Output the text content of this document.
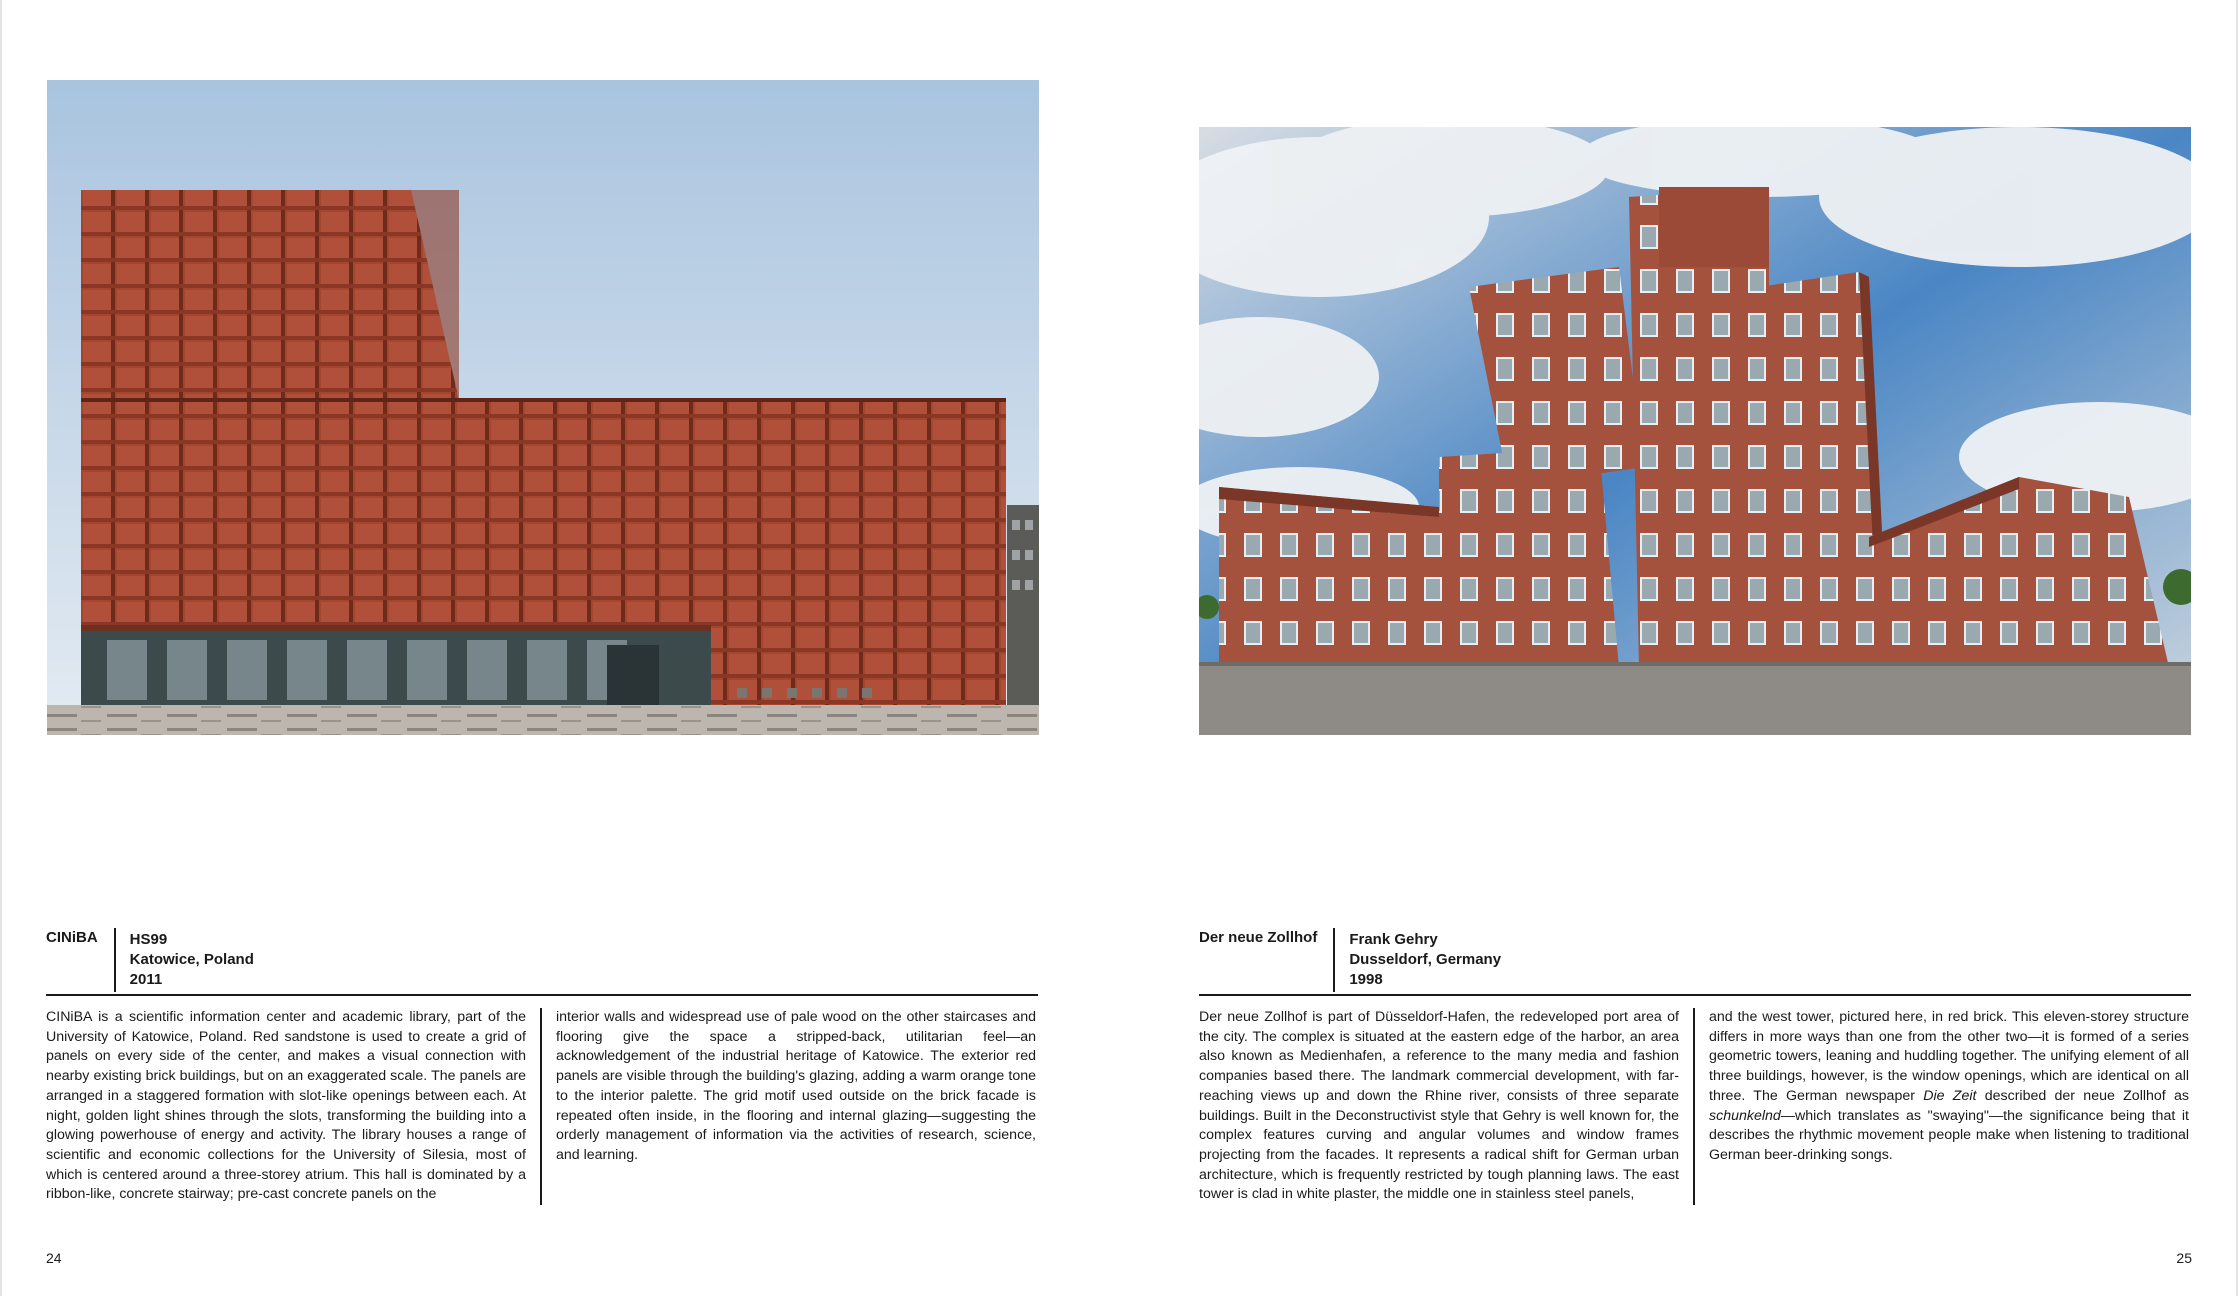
CINiBA	HS99
Katowice, Poland
2011

CINiBA is a scientific information center and academic library, part of the University of Katowice, Poland. Red sandstone is used to create a grid of panels on every side of the center, and makes a visual connection with nearby existing brick buildings, but on an exaggerated scale. The panels are arranged in a staggered formation with slot-like openings between each. At night, golden light shines through the slots, transforming the building into a glowing powerhouse of energy and activity. The library houses a range of scientific and economic collections for the University of Silesia, most of which is centered around a three-storey atrium. This hall is dominated by a ribbon-like, concrete stairway; pre-cast concrete panels on the

interior walls and widespread use of pale wood on the other staircases and flooring give the space a stripped-back, utilitarian feel—an acknowledgement of the industrial heritage of Katowice. The exterior red panels are visible through the building's glazing, adding a warm orange tone to the interior palette. The grid motif used outside on the brick facade is repeated often inside, in the flooring and internal glazing—suggesting the orderly management of information via the activities of research, science, and learning.

24
Der neue Zollhof	Frank Gehry
Dusseldorf, Germany
1998

Der neue Zollhof is part of Düsseldorf-Hafen, the redeveloped port area of the city. The complex is situated at the eastern edge of the harbor, an area also known as Medienhafen, a reference to the many media and fashion companies based there. The landmark commercial development, with far-reaching views up and down the Rhine river, consists of three separate buildings. Built in the Deconstructivist style that Gehry is well known for, the complex features curving and angular volumes and window frames projecting from the facades. It represents a radical shift for German urban architecture, which is frequently restricted by tough planning laws. The east tower is clad in white plaster, the middle one in stainless steel panels,

and the west tower, pictured here, in red brick. This eleven-storey structure differs in more ways than one from the other two—it is formed of a series geometric towers, leaning and huddling together. The unifying element of all three buildings, however, is the window openings, which are identical on all three. The German newspaper Die Zeit described der neue Zollhof as schunkelnd—which translates as "swaying"—the significance being that it describes the rhythmic movement people make when listening to traditional German beer-drinking songs.

25
